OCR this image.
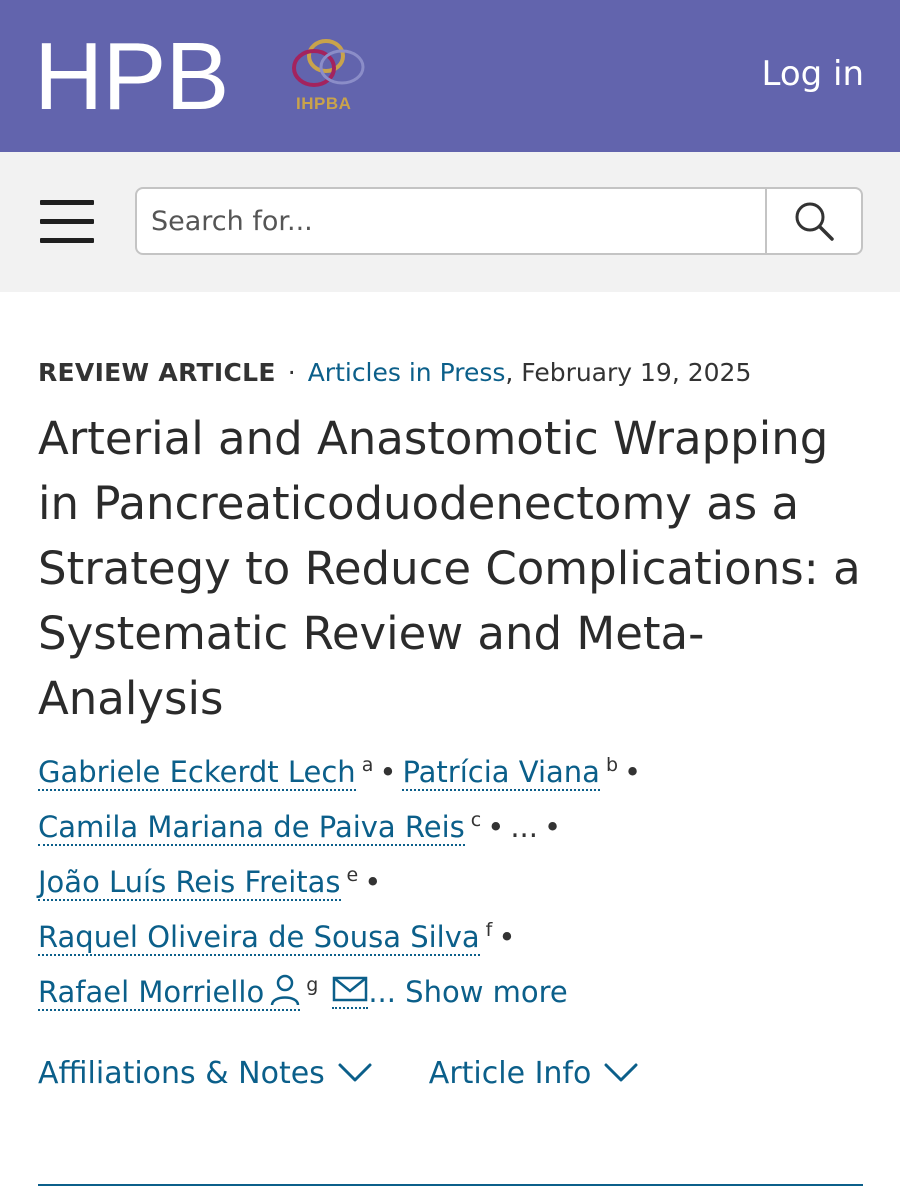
HPB	IHPBA
Log in
Search for...
REVIEW ARTICLE · Articles in Press, February 19, 2025
Arterial and Anastomotic Wrapping in Pancreaticoduodenectomy as a Strategy to Reduce Complications: a Systematic Review and Meta-Analysis
Gabriele Eckerdt Lech $^a$ • Patrícia Viana $^b$ •
Camila Mariana de Paiva Reis $^c$ • ... •
João Luís Reis Freitas $^e$ •
Raquel Oliveira de Sousa Silva $^f$ •
Rafael Morriello $^g$ ... Show more
Affiliations & Notes	Article Info
